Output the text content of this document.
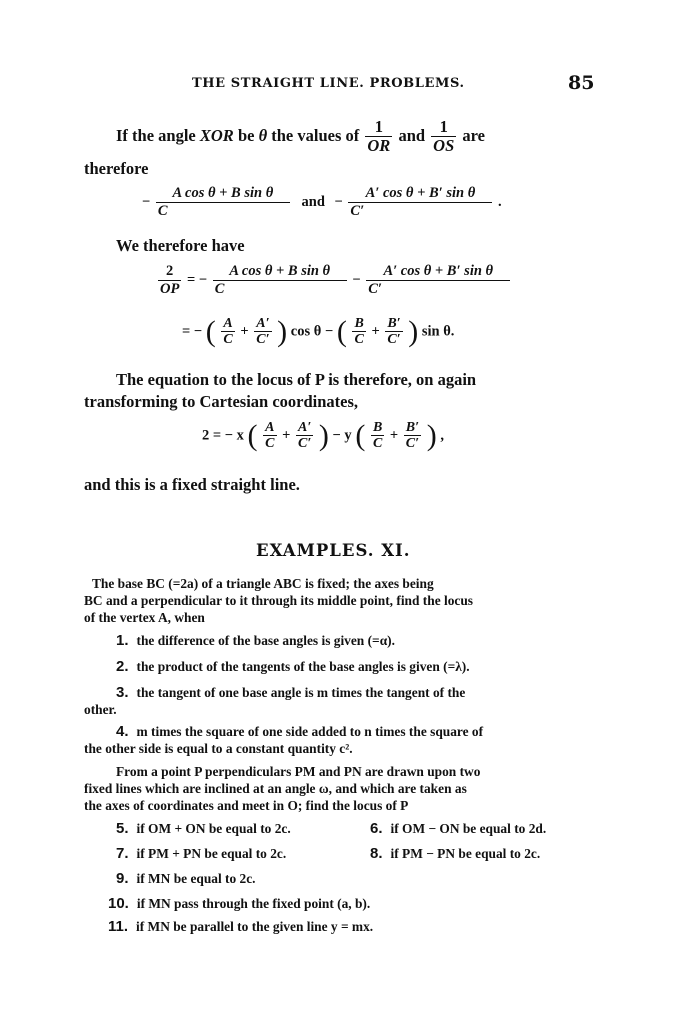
THE STRAIGHT LINE. PROBLEMS.	85
If the angle XOR be θ the values of $\frac{1}{OR}$ and $\frac{1}{OS}$ are
therefore
− $\frac{\text{A cos θ + B sin θ}}{C}$ and − $\frac{\text{A′ cos θ + B′ sin θ}}{C'}$ .
We therefore have
$\frac{2}{OP}$ = − $\frac{\text{A cos θ + B sin θ}}{C} - \frac{\text{A′ cos θ + B′ sin θ}}{C'}$
= − ( $\frac{A}{C} + \frac{A'}{C'}$ ) cos θ − ( $\frac{B}{C} + \frac{B'}{C'}$ ) sin θ.
The equation to the locus of P is therefore, on again
transforming to Cartesian coordinates,
2 = − x ( $\frac{A}{C} + \frac{A'}{C'}$ ) − y ( $\frac{B}{C} + \frac{B'}{C'}$ ) ,
and this is a fixed straight line.
EXAMPLES. XI.
The base BC (=2a) of a triangle ABC is fixed; the axes being
BC and a perpendicular to it through its middle point, find the locus
of the vertex A, when
1. the difference of the base angles is given (=α).
2. the product of the tangents of the base angles is given (=λ).
3. the tangent of one base angle is m times the tangent of the
other.
4. m times the square of one side added to n times the square of
the other side is equal to a constant quantity c².
From a point P perpendiculars PM and PN are drawn upon two
fixed lines which are inclined at an angle ω, and which are taken as
the axes of coordinates and meet in O; find the locus of P
5. if OM + ON be equal to 2c.	6. if OM − ON be equal to 2d.
7. if PM + PN be equal to 2c.	8. if PM − PN be equal to 2c.
9. if MN be equal to 2c.
10. if MN pass through the fixed point (a, b).
11. if MN be parallel to the given line y = mx.
